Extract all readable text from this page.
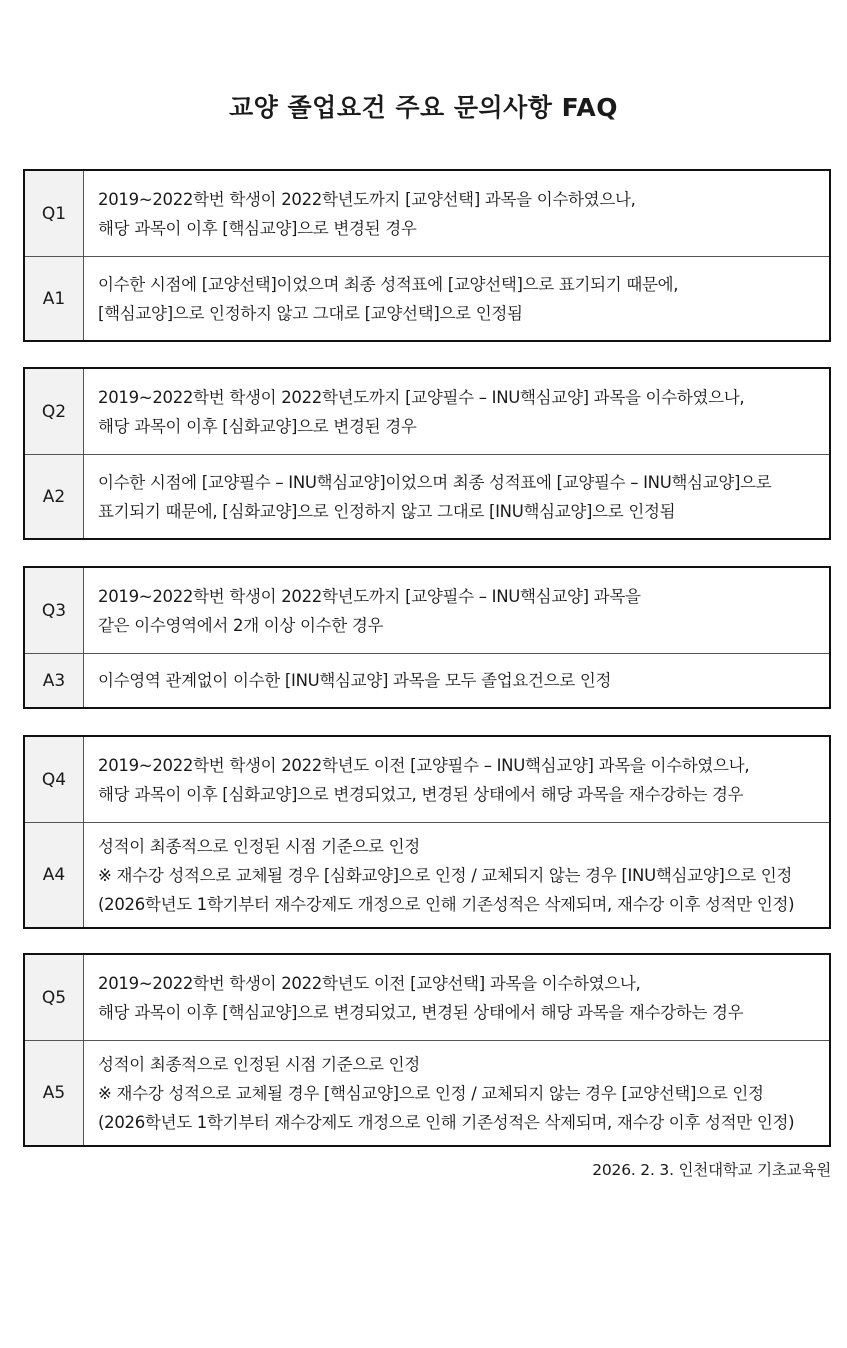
교양 졸업요건 주요 문의사항 FAQ
Q1
2019~2022학번 학생이 2022학년도까지 [교양선택] 과목을 이수하였으나,
해당 과목이 이후 [핵심교양]으로 변경된 경우
A1
이수한 시점에 [교양선택]이었으며 최종 성적표에 [교양선택]으로 표기되기 때문에,
[핵심교양]으로 인정하지 않고 그대로 [교양선택]으로 인정됨
Q2
2019~2022학번 학생이 2022학년도까지 [교양필수 – INU핵심교양] 과목을 이수하였으나,
해당 과목이 이후 [심화교양]으로 변경된 경우
A2
이수한 시점에 [교양필수 – INU핵심교양]이었으며 최종 성적표에 [교양필수 – INU핵심교양]으로
표기되기 때문에, [심화교양]으로 인정하지 않고 그대로 [INU핵심교양]으로 인정됨
Q3
2019~2022학번 학생이 2022학년도까지 [교양필수 – INU핵심교양] 과목을
같은 이수영역에서 2개 이상 이수한 경우
A3	이수영역 관계없이 이수한 [INU핵심교양] 과목을 모두 졸업요건으로 인정
Q4
2019~2022학번 학생이 2022학년도 이전 [교양필수 – INU핵심교양] 과목을 이수하였으나,
해당 과목이 이후 [심화교양]으로 변경되었고, 변경된 상태에서 해당 과목을 재수강하는 경우
A4
성적이 최종적으로 인정된 시점 기준으로 인정
※ 재수강 성적으로 교체될 경우 [심화교양]으로 인정 / 교체되지 않는 경우 [INU핵심교양]으로 인정
(2026학년도 1학기부터 재수강제도 개정으로 인해 기존성적은 삭제되며, 재수강 이후 성적만 인정)
Q5
2019~2022학번 학생이 2022학년도 이전 [교양선택] 과목을 이수하였으나,
해당 과목이 이후 [핵심교양]으로 변경되었고, 변경된 상태에서 해당 과목을 재수강하는 경우
A5
성적이 최종적으로 인정된 시점 기준으로 인정
※ 재수강 성적으로 교체될 경우 [핵심교양]으로 인정 / 교체되지 않는 경우 [교양선택]으로 인정
(2026학년도 1학기부터 재수강제도 개정으로 인해 기존성적은 삭제되며, 재수강 이후 성적만 인정)

2026. 2. 3. 인천대학교 기초교육원
